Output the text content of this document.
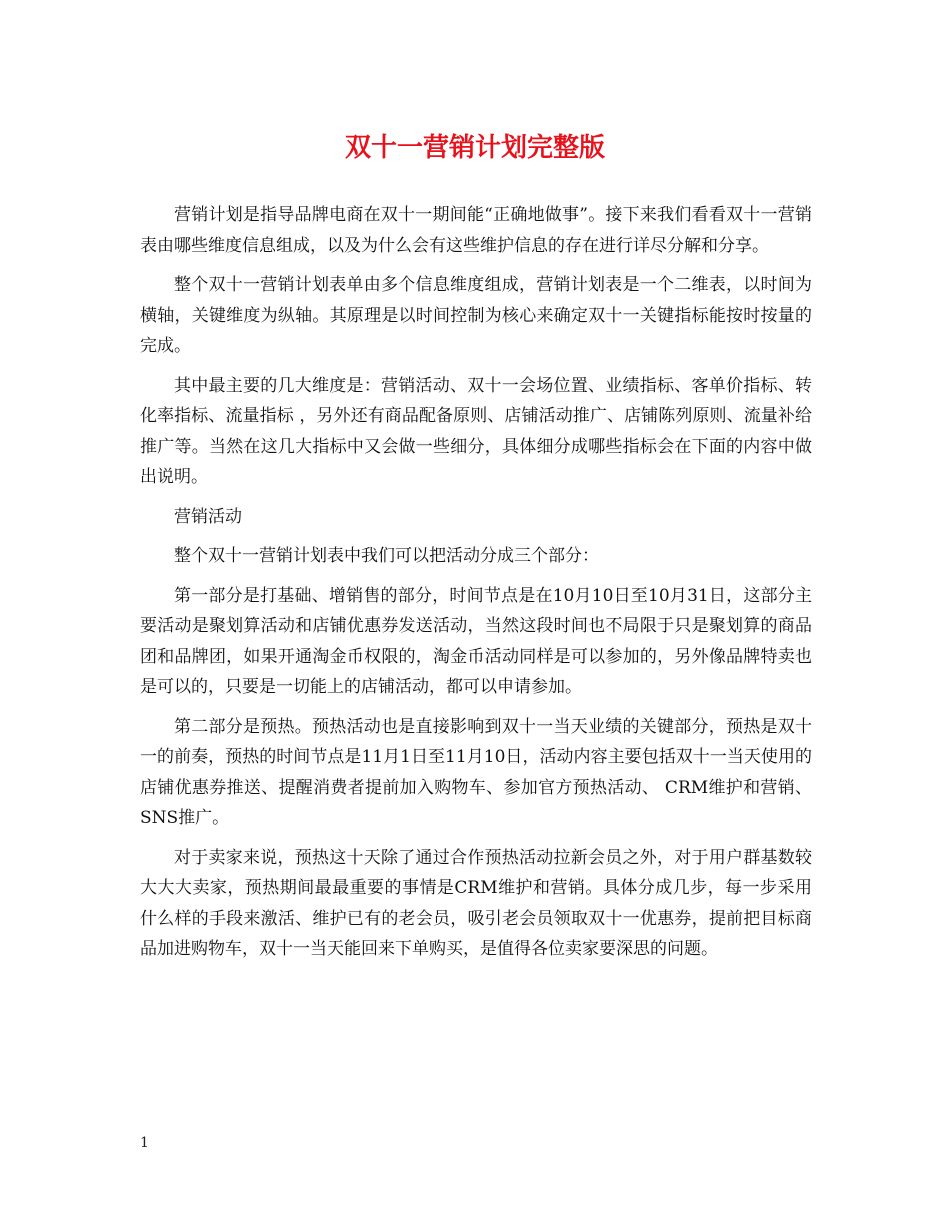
双十一营销计划完整版

营销计划是指导品牌电商在双十一期间能“正确地做事”。接下来我们看看双十一营销表由哪些维度信息组成，以及为什么会有这些维护信息的存在进行详尽分解和分享。

整个双十一营销计划表单由多个信息维度组成，营销计划表是一个二维表，以时间为横轴，关键维度为纵轴。其原理是以时间控制为核心来确定双十一关键指标能按时按量的完成。

其中最主要的几大维度是：营销活动、双十一会场位置、业绩指标、客单价指标、转化率指标、流量指标 ，另外还有商品配备原则、店铺活动推广、店铺陈列原则、流量补给推广等。当然在这几大指标中又会做一些细分，具体细分成哪些指标会在下面的内容中做出说明。

营销活动

整个双十一营销计划表中我们可以把活动分成三个部分：

第一部分是打基础、增销售的部分，时间节点是在10月10日至10月31日，这部分主要活动是聚划算活动和店铺优惠券发送活动，当然这段时间也不局限于只是聚划算的商品团和品牌团，如果开通淘金币权限的，淘金币活动同样是可以参加的，另外像品牌特卖也是可以的，只要是一切能上的店铺活动，都可以申请参加。

第二部分是预热。预热活动也是直接影响到双十一当天业绩的关键部分，预热是双十一的前奏，预热的时间节点是11月1日至11月10日，活动内容主要包括双十一当天使用的店铺优惠券推送、提醒消费者提前加入购物车、参加官方预热活动、 CRM维护和营销、 SNS推广。

对于卖家来说，预热这十天除了通过合作预热活动拉新会员之外，对于用户群基数较大大大卖家，预热期间最最重要的事情是CRM维护和营销。具体分成几步，每一步采用什么样的手段来激活、维护已有的老会员，吸引老会员领取双十一优惠券，提前把目标商品加进购物车，双十一当天能回来下单购买，是值得各位卖家要深思的问题。

1
